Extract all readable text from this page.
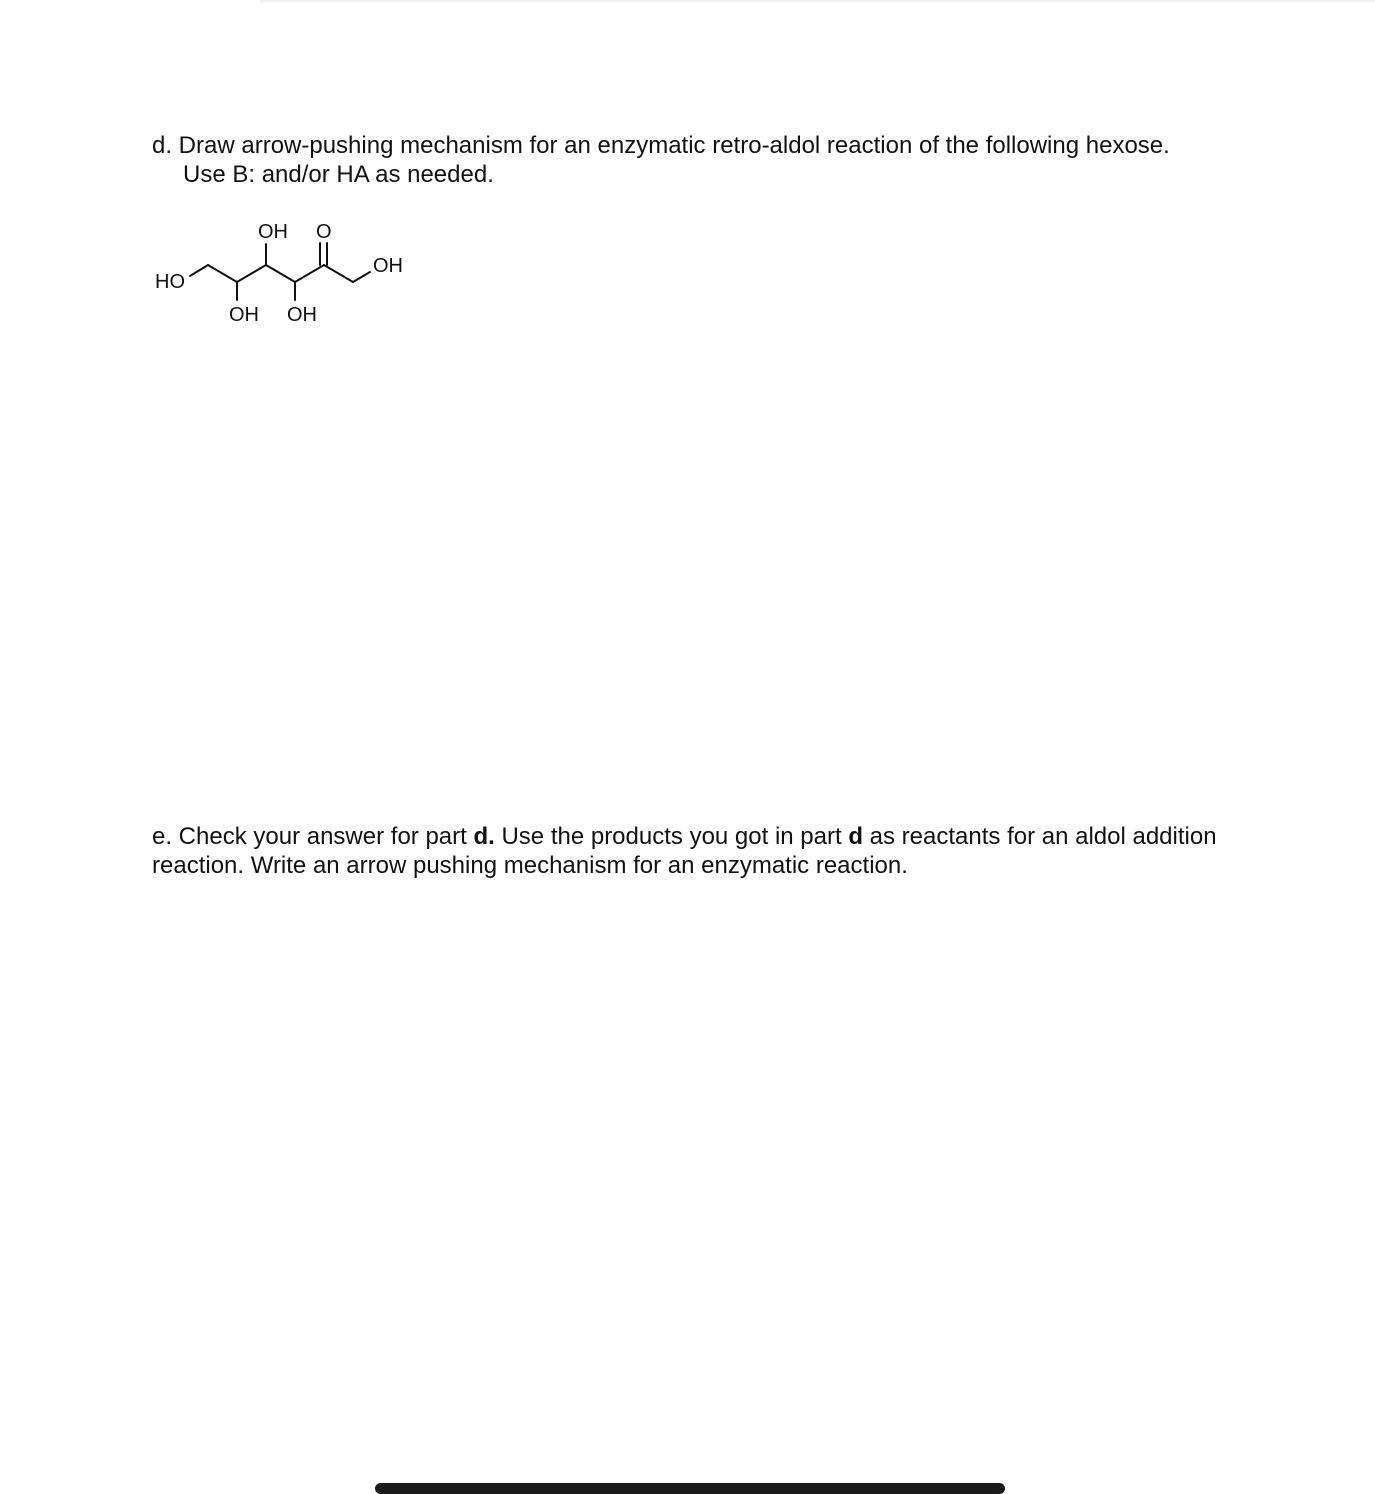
d. Draw arrow-pushing mechanism for an enzymatic retro-aldol reaction of the following hexose.
Use B: and/or HA as needed.

HO
OH O
OH
OH OH

e. Check your answer for part d. Use the products you got in part d as reactants for an aldol addition reaction. Write an arrow pushing mechanism for an enzymatic reaction.
